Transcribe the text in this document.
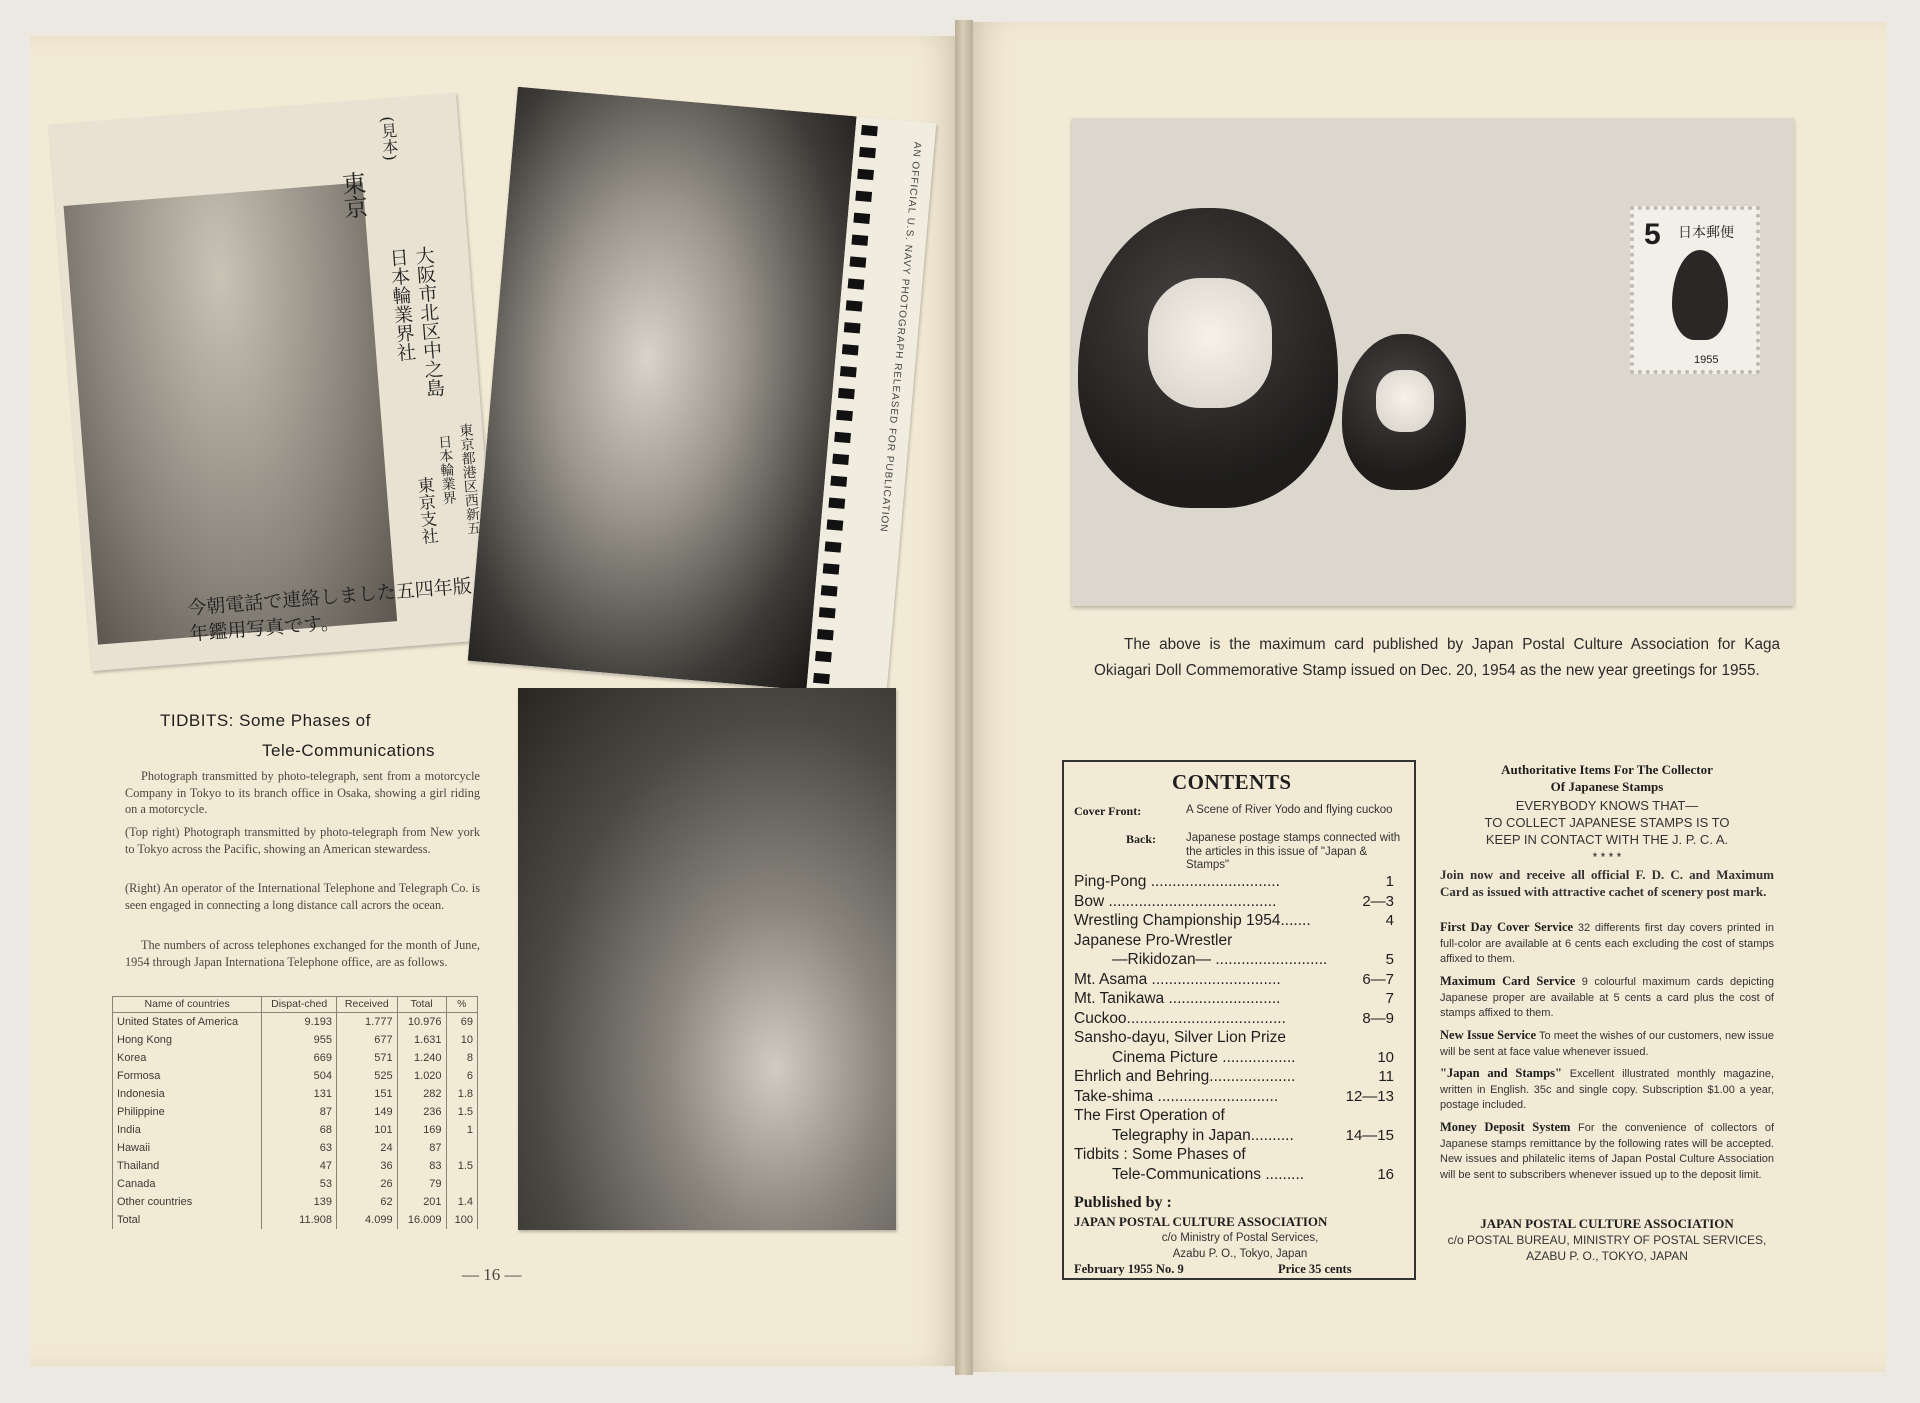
(見本)
東京
大阪市北区中之島
日本輪業界社
東京都港区西新五
日本輪業界
東京支社
今朝電話で連絡しました五四年版
年鑑用写真です。
AN OFFICIAL U.S. NAVY PHOTOGRAPH RELEASED FOR PUBLICATION
TIDBITS: Some Phases of
Tele-Communications

Photograph transmitted by photo-telegraph, sent from a motorcycle Company in Tokyo to its branch office in Osaka, showing a girl riding on a motorcycle.

(Top right) Photograph transmitted by photo-telegraph from New york to Tokyo across the Pacific, showing an American stewardess.

(Right) An operator of the International Telephone and Telegraph Co. is seen engaged in connecting a long distance call acrors the ocean.

The numbers of across telephones exchanged for the month of June, 1954 through Japan Internationa Telephone office, are as follows.

Name of countries	Dispat-ched	Received	Total	%
United States of America	9.193	1.777	10.976	69
Hong Kong	955	677	1.631	10
Korea	669	571	1.240	8
Formosa	504	525	1.020	6
Indonesia	131	151	282	1.8
Philippine	87	149	236	1.5
India	68	101	169	1
Hawaii	63	24	87	
Thailand	47	36	83	1.5
Canada	53	26	79	
Other countries	139	62	201	1.4
Total	11.908	4.099	16.009	100
— 16 —
5 日本郵便
1955

The above is the maximum card published by Japan Postal Culture Association for Kaga Okiagari Doll Commemorative Stamp issued on Dec. 20, 1954 as the new year greetings for 1955.

CONTENTS
Cover Front:	A Scene of River Yodo and flying cuckoo
Back:	Japanese postage stamps connected with the articles in this issue of "Japan & Stamps"
Ping-Pong ..............................	1
Bow .......................................	2—3
Wrestling Championship 1954.......	4
Japanese Pro-Wrestler
—Rikidozan— ..........................	5
Mt. Asama ..............................	6—7
Mt. Tanikawa ..........................	7
Cuckoo.....................................	8—9
Sansho-dayu, Silver Lion Prize
Cinema Picture .................	10
Ehrlich and Behring....................	11
Take-shima ............................	12—13
The First Operation of
Telegraphy in Japan..........	14—15
Tidbits : Some Phases of
Tele-Communications .........	16
Published by :
JAPAN POSTAL CULTURE ASSOCIATION
c/o Ministry of Postal Services,
Azabu P. O., Tokyo, Japan
February 1955 No. 9	Price 35 cents
Authoritative Items For The Collector
Of Japanese Stamps
EVERYBODY KNOWS THAT—
TO COLLECT JAPANESE STAMPS IS TO
KEEP IN CONTACT WITH THE J. P. C. A.
* * * *
Join now and receive all official F. D. C. and Maximum Card as issued with attractive cachet of scenery post mark.
First Day Cover Service 32 differents first day covers printed in full-color are available at 6 cents each excluding the cost of stamps affixed to them.
Maximum Card Service 9 colourful maximum cards depicting Japanese proper are available at 5 cents a card plus the cost of stamps affixed to them.
New Issue Service To meet the wishes of our customers, new issue will be sent at face value whenever issued.
"Japan and Stamps" Excellent illustrated monthly magazine, written in English. 35c and single copy. Subscription $1.00 a year, postage included.
Money Deposit System For the convenience of collectors of Japanese stamps remittance by the following rates will be accepted. New issues and philatelic items of Japan Postal Culture Association will be sent to subscribers whenever issued up to the deposit limit.
JAPAN POSTAL CULTURE ASSOCIATION
c/o POSTAL BUREAU, MINISTRY OF POSTAL SERVICES,
AZABU P. O., TOKYO, JAPAN
